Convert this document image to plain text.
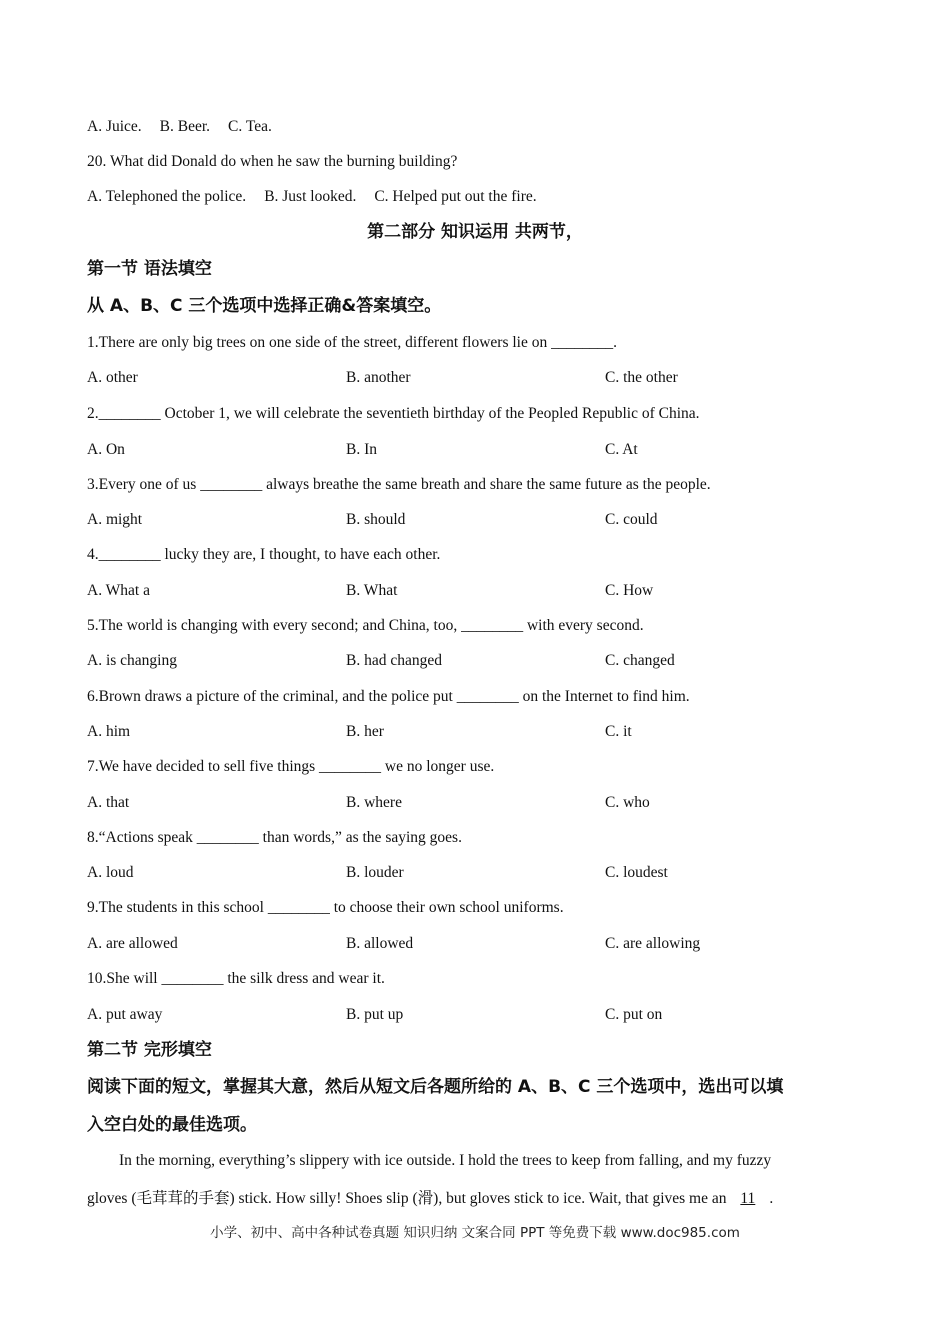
A. Juice. B. Beer. C. Tea.
20. What did Donald do when he saw the burning building?
A. Telephoned the police. B. Just looked. C. Helped put out the fire.
第二部分 知识运用 共两节，
第一节 语法填空
从 A、B、C 三个选项中选择正确&答案填空。
1.There are only big trees on one side of the street, different flowers lie on ________.
A. other	B. another	C. the other
2.________ October 1, we will celebrate the seventieth birthday of the Peopled Republic of China.
A. On	B. In	C. At
3.Every one of us ________ always breathe the same breath and share the same future as the people.
A. might	B. should	C. could
4.________ lucky they are, I thought, to have each other.
A. What a	B. What	C. How
5.The world is changing with every second; and China, too, ________ with every second.
A. is changing	B. had changed	C. changed
6.Brown draws a picture of the criminal, and the police put ________ on the Internet to find him.
A. him	B. her	C. it
7.We have decided to sell five things ________ we no longer use.
A. that	B. where	C. who
8.“Actions speak ________ than words,” as the saying goes.
A. loud	B. louder	C. loudest
9.The students in this school ________ to choose their own school uniforms.
A. are allowed	B. allowed	C. are allowing
10.She will ________ the silk dress and wear it.
A. put away	B. put up	C. put on
第二节 完形填空
阅读下面的短文，掌握其大意，然后从短文后各题所给的 A、B、C 三个选项中，选出可以填
入空白处的最佳选项。
In the morning, everything’s slippery with ice outside. I hold the trees to keep from falling, and my fuzzy
gloves (毛茸茸的手套) stick. How silly! Shoes slip (滑), but gloves stick to ice. Wait, that gives me an 11 .
小学、初中、高中各种试卷真题 知识归纳 文案合同 PPT 等免费下载 www.doc985.com
